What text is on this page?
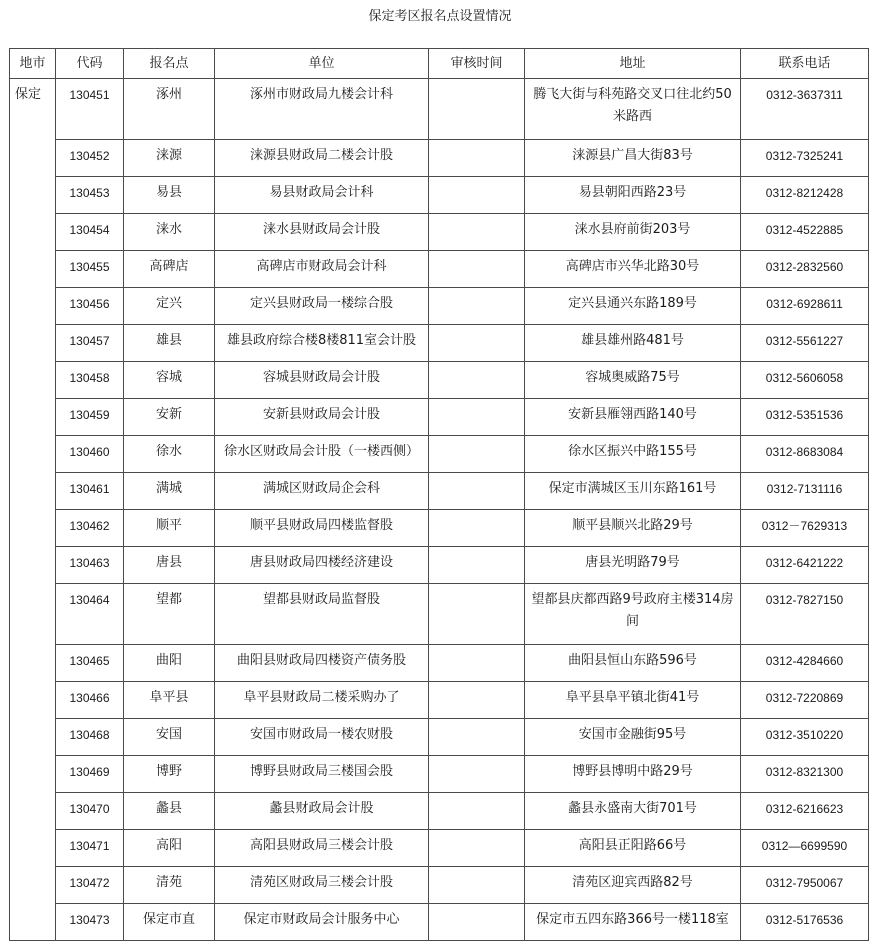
保定考区报名点设置情况
地市	代码	报名点	单位	审核时间	地址	联系电话
保定	130451	涿州	涿州市财政局九楼会计科		腾飞大街与科苑路交叉口往北约50米路西	0312-3637311
	130452	涞源	涞源县财政局二楼会计股		涞源县广昌大街83号	0312-7325241
	130453	易县	易县财政局会计科		易县朝阳西路23号	0312-8212428
	130454	涞水	涞水县财政局会计股		涞水县府前街203号	0312-4522885
	130455	高碑店	高碑店市财政局会计科		高碑店市兴华北路30号	0312-2832560
	130456	定兴	定兴县财政局一楼综合股		定兴县通兴东路189号	0312-6928611
	130457	雄县	雄县政府综合楼8楼811室会计股		雄县雄州路481号	0312-5561227
	130458	容城	容城县财政局会计股		容城奥威路75号	0312-5606058
	130459	安新	安新县财政局会计股		安新县雁翎西路140号	0312-5351536
	130460	徐水	徐水区财政局会计股（一楼西侧）		徐水区振兴中路155号	0312-8683084
	130461	满城	满城区财政局企会科		保定市满城区玉川东路161号	0312-7131116
	130462	顺平	顺平县财政局四楼监督股		顺平县顺兴北路29号	0312－7629313
	130463	唐县	唐县财政局四楼经济建设		唐县光明路79号	0312-6421222
	130464	望都	望都县财政局监督股		望都县庆都西路9号政府主楼314房间	0312-7827150
	130465	曲阳	曲阳县财政局四楼资产债务股		曲阳县恒山东路596号	0312-4284660
	130466	阜平县	阜平县财政局二楼采购办了		阜平县阜平镇北街41号	0312-7220869
	130468	安国	安国市财政局一楼农财股		安国市金融街95号	0312-3510220
	130469	博野	博野县财政局三楼国会股		博野县博明中路29号	0312-8321300
	130470	蠡县	蠡县财政局会计股		蠡县永盛南大街701号	0312-6216623
	130471	高阳	高阳县财政局三楼会计股		高阳县正阳路66号	0312—6699590
	130472	清苑	清苑区财政局三楼会计股		清苑区迎宾西路82号	0312-7950067
	130473	保定市直	保定市财政局会计服务中心		保定市五四东路366号一楼118室	0312-5176536
